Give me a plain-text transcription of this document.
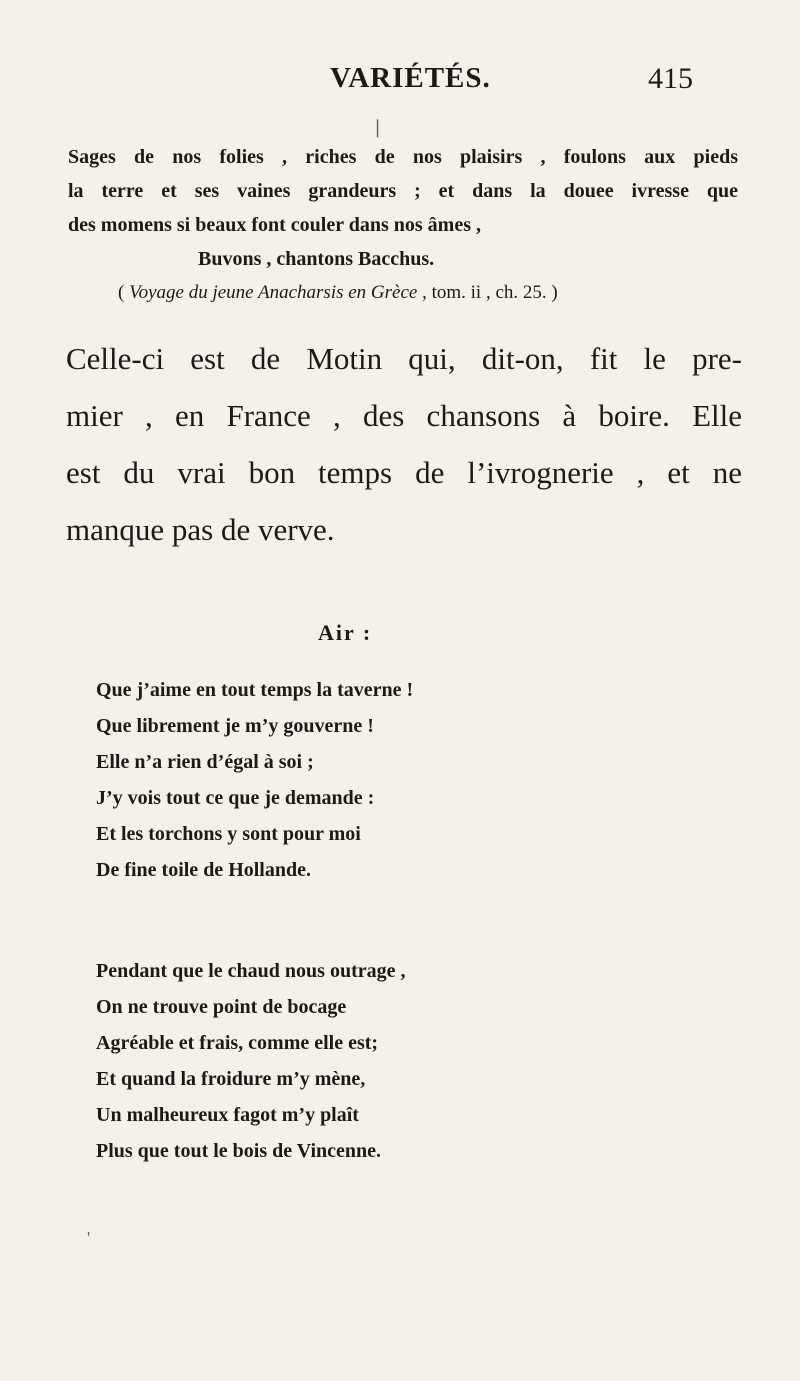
VARIÉTÉS.	415
Sages de nos folies , riches de nos plaisirs , foulons aux pieds
la terre et ses vaines grandeurs ; et dans la douee ivresse que
des momens si beaux font couler dans nos âmes ,
Buvons , chantons Bacchus.
( Voyage du jeune Anacharsis en Grèce , tom. ii , ch. 25. )
Celle-ci est de Motin qui, dit-on, fit le pre-
mier , en France , des chansons à boire. Elle
est du vrai bon temps de l’ivrognerie , et ne
manque pas de verve.
Air :
Que j’aime en tout temps la taverne !
Que librement je m’y gouverne !
Elle n’a rien d’égal à soi ;
J’y vois tout ce que je demande :
Et les torchons y sont pour moi
De fine toile de Hollande.
Pendant que le chaud nous outrage ,
On ne trouve point de bocage
Agréable et frais, comme elle est;
Et quand la froidure m’y mène,
Un malheureux fagot m’y plaît
Plus que tout le bois de Vincenne.
❘
'
